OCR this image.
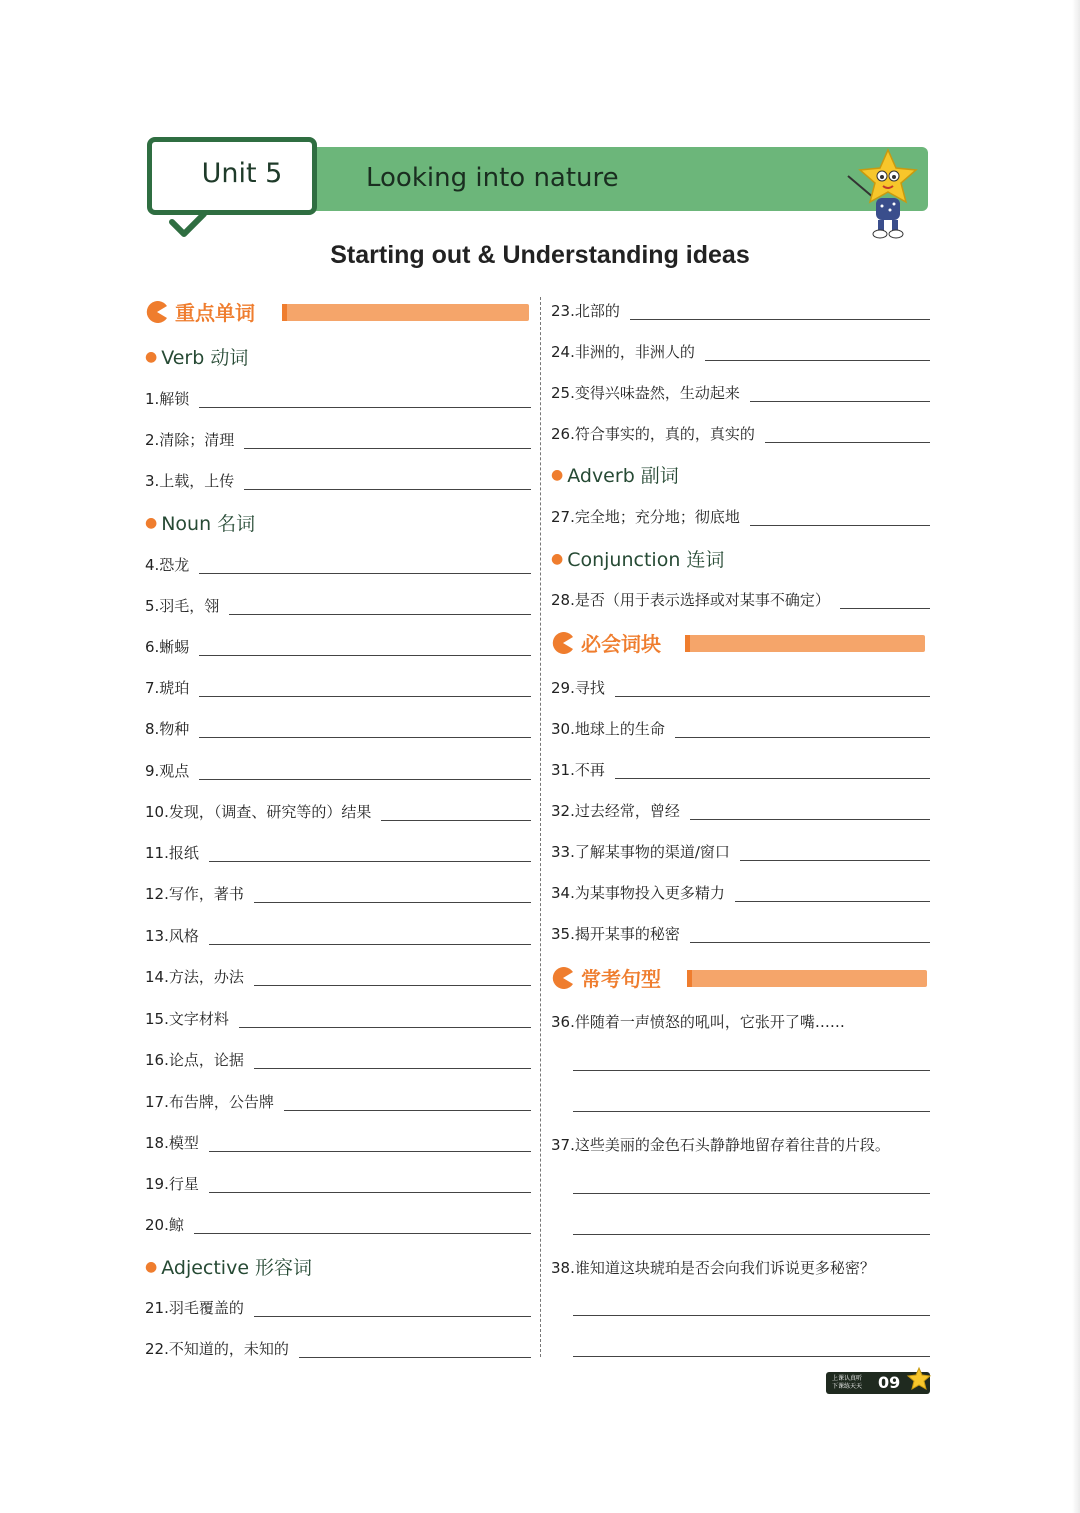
Unit 5	Looking into nature
Starting out & Understanding ideas
重点单词
● Verb 动词
1.解锁
2.清除；清理
3.上载，上传
● Noun 名词
4.恐龙
5.羽毛，翎
6.蜥蜴
7.琥珀
8.物种
9.观点
10.发现，（调查、研究等的）结果
11.报纸
12.写作，著书
13.风格
14.方法，办法
15.文字材料
16.论点，论据
17.布告牌，公告牌
18.模型
19.行星
20.鲸
● Adjective 形容词
21.羽毛覆盖的
22.不知道的，未知的
23.北部的
24.非洲的，非洲人的
25.变得兴味盎然，生动起来
26.符合事实的，真的，真实的
● Adverb 副词
27.完全地；充分地；彻底地
● Conjunction 连词
28.是否（用于表示选择或对某事不确定）
必会词块
29.寻找
30.地球上的生命
31.不再
32.过去经常，曾经
33.了解某事物的渠道/窗口
34.为某事物投入更多精力
35.揭开某事的秘密
常考句型
36.伴随着一声愤怒的吼叫，它张开了嘴……
37.这些美丽的金色石头静静地留存着往昔的片段。
38.谁知道这块琥珀是否会向我们诉说更多秘密？
上课认真听
下课练天天 09
